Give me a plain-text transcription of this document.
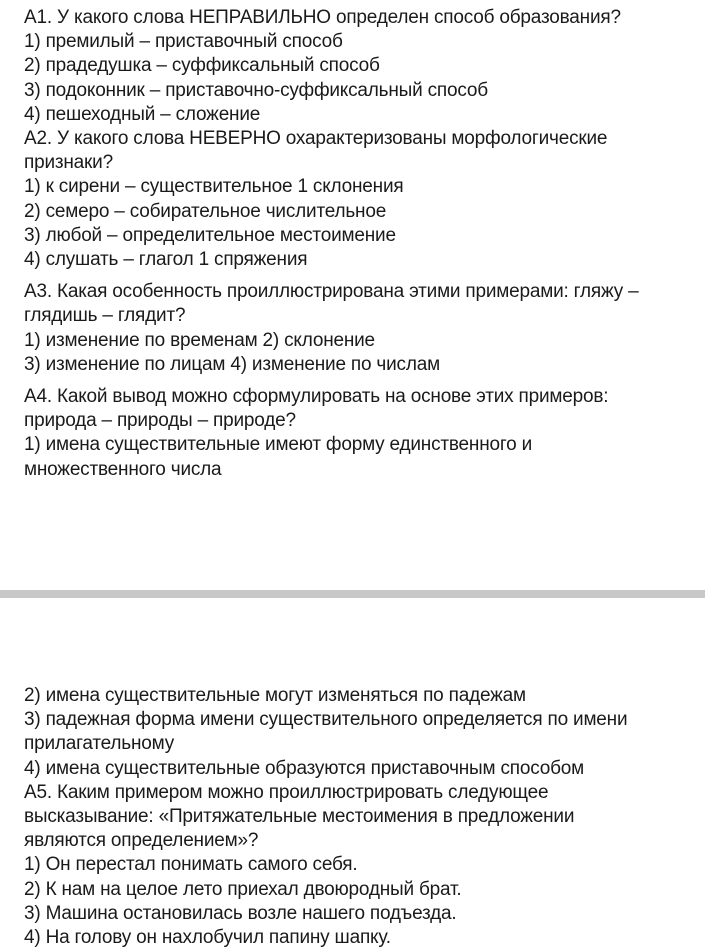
А1. У какого слова НЕПРАВИЛЬНО определен способ образования?
1) премилый – приставочный способ
2) прадедушка – суффиксальный способ
3) подоконник – приставочно-суффиксальный способ
4) пешеходный – сложение
А2. У какого слова НЕВЕРНО охарактеризованы морфологические
признаки?
1) к сирени – существительное 1 склонения
2) семеро – собирательное числительное
3) любой – определительное местоимение
4) слушать – глагол 1 спряжения
А3. Какая особенность проиллюстрирована этими примерами: гляжу –
глядишь – глядит?
1) изменение по временам 2) склонение
3) изменение по лицам 4) изменение по числам
А4. Какой вывод можно сформулировать на основе этих примеров:
природа – природы – природе?
1) имена существительные имеют форму единственного и
множественного числа
2) имена существительные могут изменяться по падежам
3) падежная форма имени существительного определяется по имени
прилагательному
4) имена существительные образуются приставочным способом
А5. Каким примером можно проиллюстрировать следующее
высказывание: «Притяжательные местоимения в предложении
являются определением»?
1) Он перестал понимать самого себя.
2) К нам на целое лето приехал двоюродный брат.
3) Машина остановилась возле нашего подъезда.
4) На голову он нахлобучил папину шапку.
